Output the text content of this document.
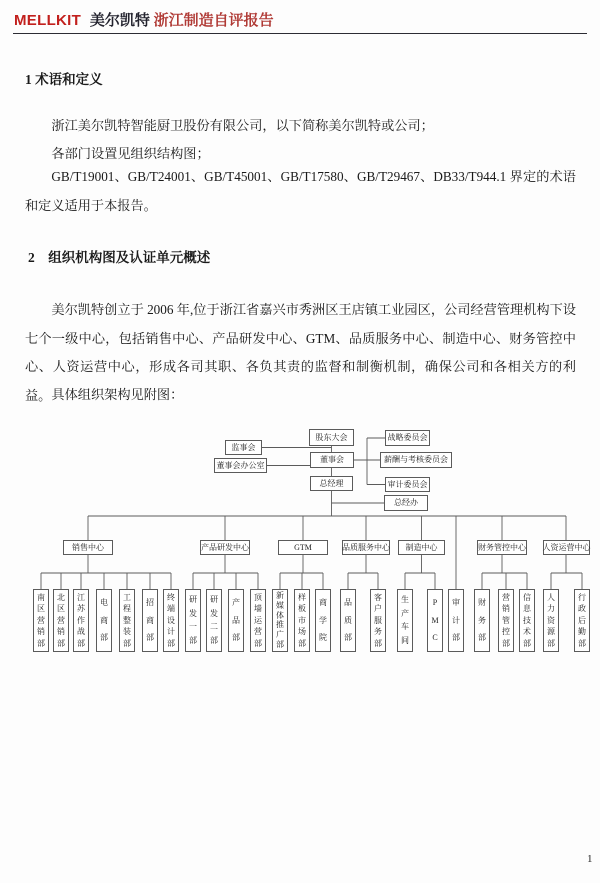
MELLKIT 美尔凯特 浙江制造自评报告
1 术语和定义
浙江美尔凯特智能厨卫股份有限公司，以下简称美尔凯特或公司；
各部门设置见组织结构图；
GB/T19001、GB/T24001、GB/T45001、GB/T17580、GB/T29467、DB33/T944.1 界定的术语和定义适用于本报告。
2　组织机构图及认证单元概述
美尔凯特创立于 2006 年,位于浙江省嘉兴市秀洲区王店镇工业园区，公司经营管理机构下设七个一级中心，包括销售中心、产品研发中心、GTM、品质服务中心、制造中心、财务管控中心、人资运营中心，形成各司其职、各负其责的监督和制衡机制，确保公司和各相关方的利益。 具体组织架构见附图：
股东大会
监事会
董事会办公室
董事会
战略委员会
薪酬与考核委员会
审计委员会
总经理
总经办
销售中心	产品研发中心	GTM	品质服务中心	制造中心	财务管控中心 人资运营中心
南
区
营
销
部
北
区
营
销
部
江
苏
作
战
部
电
商
部
工
程
整
装
部
招
商
部
终
端
设
计
部
研
发
一
部
研
发
二
部
产
品
部
顶
墙
运
营
部
新
媒
体
推
广
部
样
板
市
场
部
商
学
院
品
质
部
客
户
服
务
部
生
产
车
间
P
M
C
审
计
部
财
务
部
营
销
管
控
部
信
息
技
术
部
人
力
资
源
部
行
政
后
勤
部
1
